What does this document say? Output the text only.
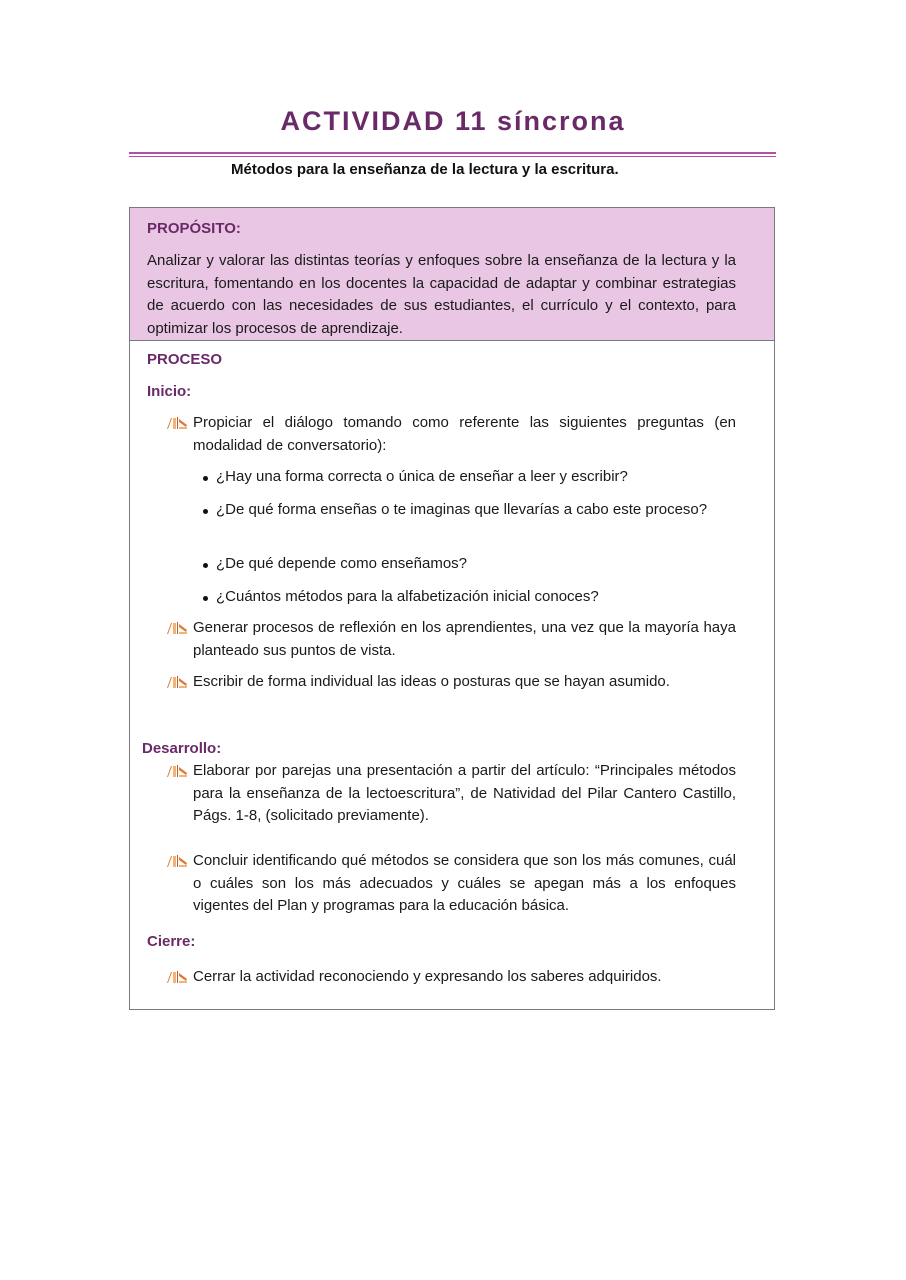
ACTIVIDAD 11 síncrona
Métodos para la enseñanza de la lectura y la escritura.
PROPÓSITO:
Analizar y valorar las distintas teorías y enfoques sobre la enseñanza de la lectura y la escritura, fomentando en los docentes la capacidad de adaptar y combinar estrategias de acuerdo con las necesidades de sus estudiantes, el currículo y el contexto, para optimizar los procesos de aprendizaje.
PROCESO
Inicio:
Propiciar el diálogo tomando como referente las siguientes preguntas (en modalidad de conversatorio):
¿Hay una forma correcta o única de enseñar a leer y escribir?
¿De qué forma enseñas o te imaginas que llevarías a cabo este proceso?
¿De qué depende como enseñamos?
¿Cuántos métodos para la alfabetización inicial conoces?
Generar procesos de reflexión en los aprendientes, una vez que la mayoría haya planteado sus puntos de vista.
Escribir de forma individual las ideas o posturas que se hayan asumido.
Desarrollo:
Elaborar por parejas una presentación a partir del artículo: “Principales métodos para la enseñanza de la lectoescritura”, de Natividad del Pilar Cantero Castillo, Págs. 1-8, (solicitado previamente).
Concluir identificando qué métodos se considera que son los más comunes, cuál o cuáles son los más adecuados y cuáles se apegan más a los enfoques vigentes del Plan y programas para la educación básica.
Cierre:
Cerrar la actividad reconociendo y expresando los saberes adquiridos.
